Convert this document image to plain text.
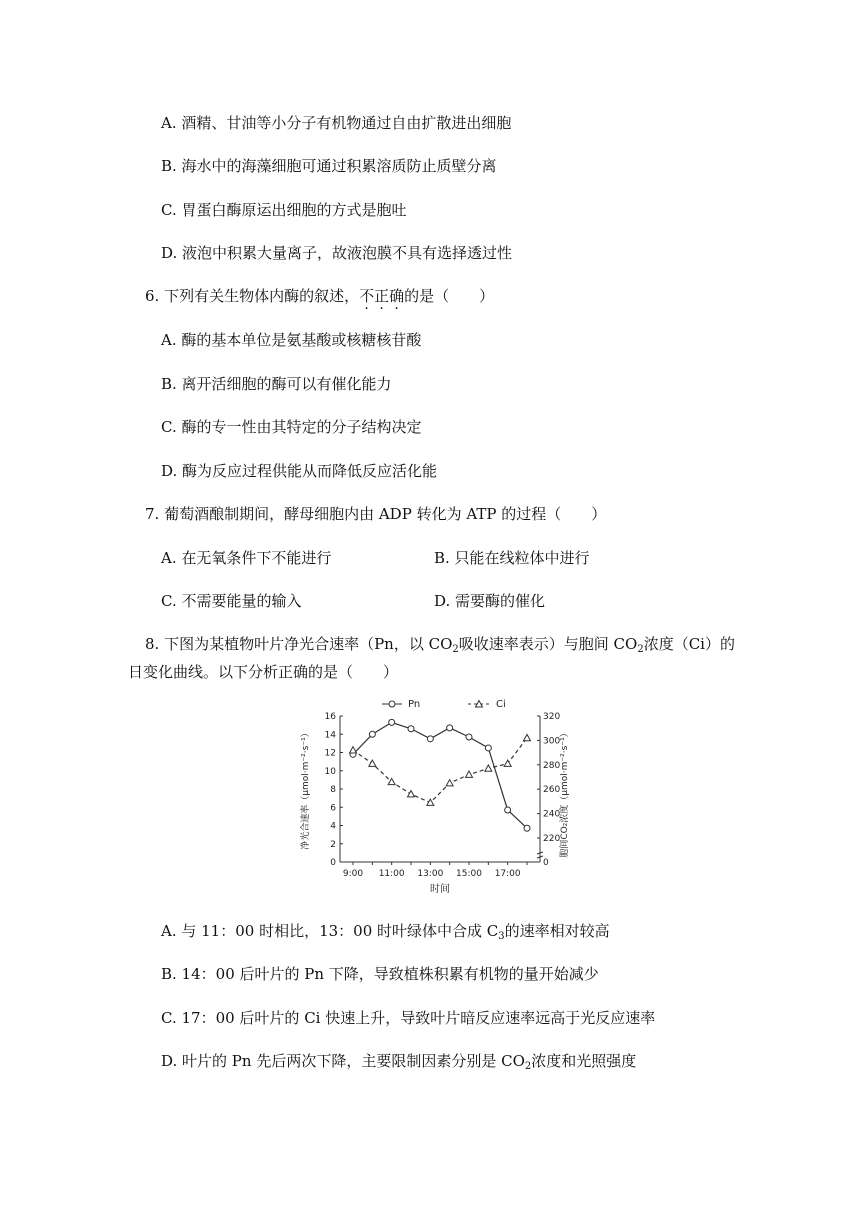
A. 酒精、甘油等小分子有机物通过自由扩散进出细胞
B. 海水中的海藻细胞可通过积累溶质防止质壁分离
C. 胃蛋白酶原运出细胞的方式是胞吐
D. 液泡中积累大量离子，故液泡膜不具有选择透过性
6. 下列有关生物体内酶的叙述，不正确的是（　　）
A. 酶的基本单位是氨基酸或核糖核苷酸
B. 离开活细胞的酶可以有催化能力
C. 酶的专一性由其特定的分子结构决定
D. 酶为反应过程供能从而降低反应活化能
7. 葡萄酒酿制期间，酵母细胞内由 ADP 转化为 ATP 的过程（　　）
A. 在无氧条件下不能进行	B. 只能在线粒体中进行
C. 不需要能量的输入	D. 需要酶的催化
8. 下图为某植物叶片净光合速率（Pn，以 $CO_2$吸收速率表示）与胞间 $CO_2$浓度（Ci）的
日变化曲线。以下分析正确的是（　　）
0
2
4
6
8
10
12
14
16
0
220
240
260
280
300
320
9:00 11:00 13:00 15:00 17:00
时间
净光合速率（μmol·m⁻²·s⁻¹）	胞间CO₂浓度（μmol·m⁻²·s⁻¹）
Pn	Ci
A. 与 11：00 时相比，13：00 时叶绿体中合成 $C_3$的速率相对较高
B. 14：00 后叶片的 Pn 下降，导致植株积累有机物的量开始减少
C. 17：00 后叶片的 Ci 快速上升，导致叶片暗反应速率远高于光反应速率
D. 叶片的 Pn 先后两次下降，主要限制因素分别是 $CO_2$浓度和光照强度
